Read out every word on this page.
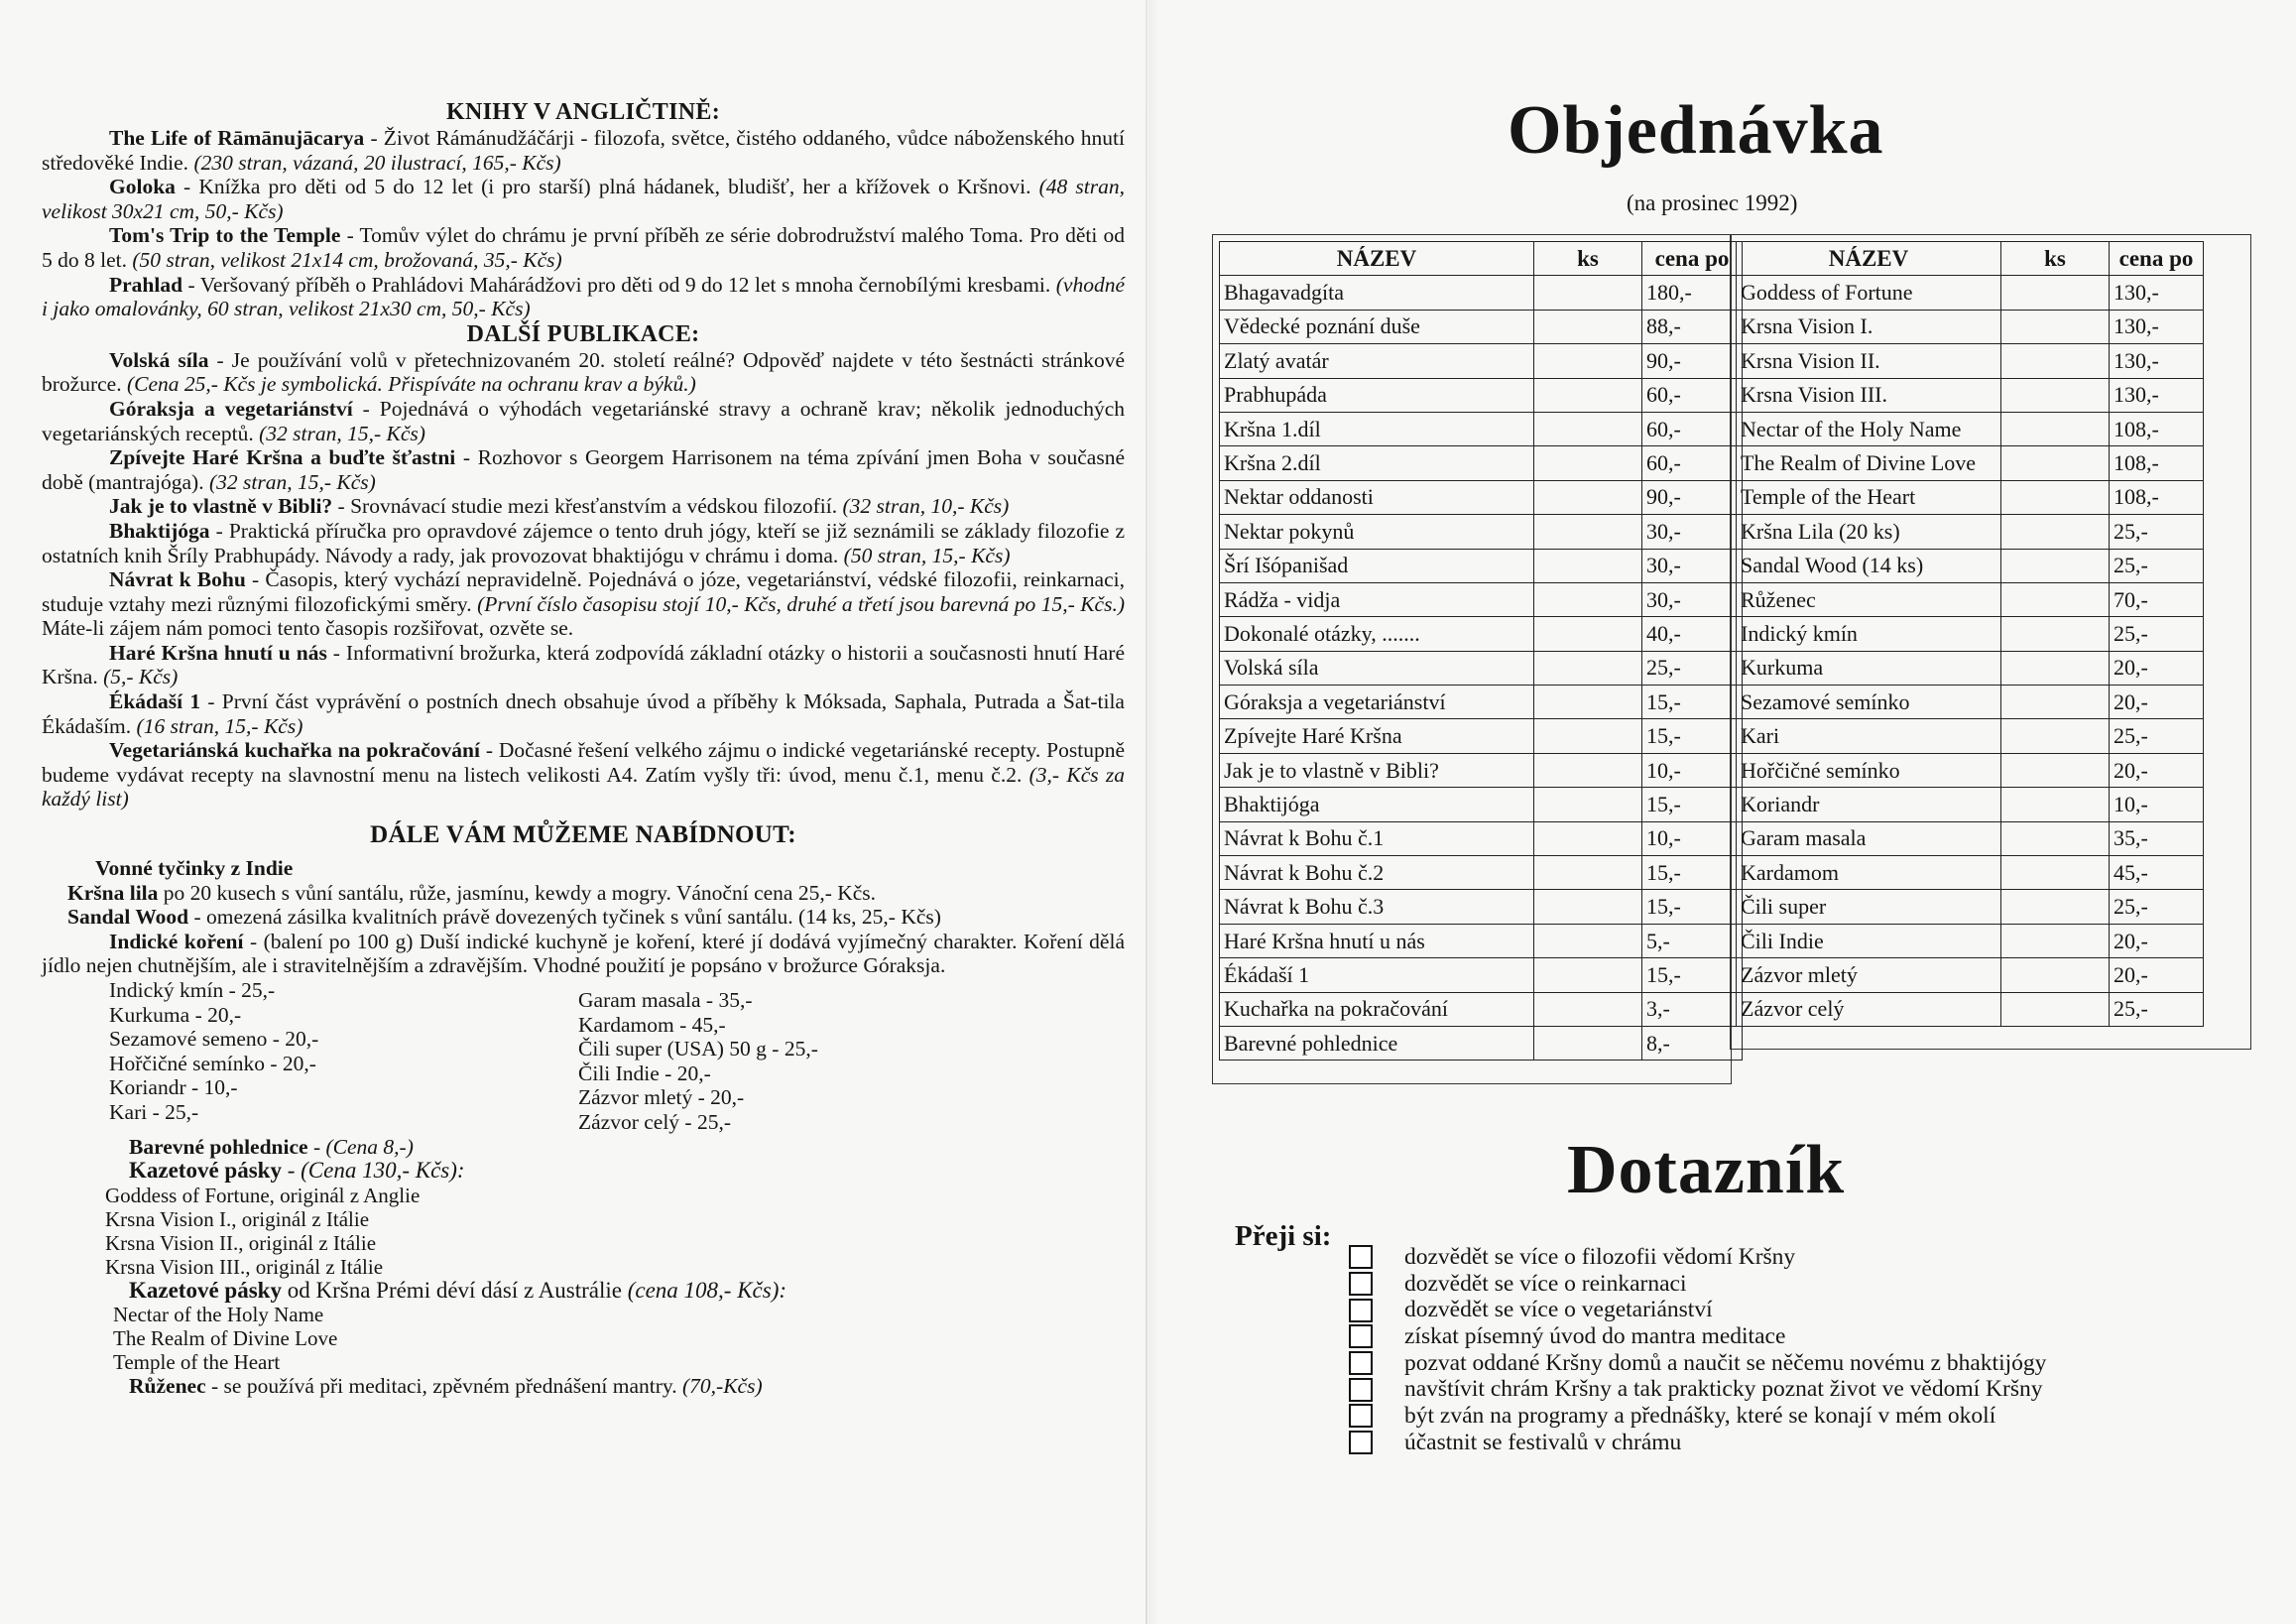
KNIHY V ANGLIČTINĚ:
The Life of Rāmānujācarya - Život Rámánudžáčárji - filozofa, světce, čistého oddaného, vůdce náboženského hnutí středověké Indie. (230 stran, vázaná, 20 ilustrací, 165,- Kčs)
Goloka - Knížka pro děti od 5 do 12 let (i pro starší) plná hádanek, bludišť, her a křížovek o Kršnovi. (48 stran, velikost 30x21 cm, 50,- Kčs)
Tom's Trip to the Temple - Tomův výlet do chrámu je první příběh ze série dobrodružství malého Toma. Pro děti od 5 do 8 let. (50 stran, velikost 21x14 cm, brožovaná, 35,- Kčs)
Prahlad - Veršovaný příběh o Prahládovi Mahárádžovi pro děti od 9 do 12 let s mnoha černobílými kresbami. (vhodné i jako omalovánky, 60 stran, velikost 21x30 cm, 50,- Kčs)
DALŠÍ PUBLIKACE:
Volská síla - Je používání volů v přetechnizovaném 20. století reálné? Odpověď najdete v této šestnácti stránkové brožurce. (Cena 25,- Kčs je symbolická. Přispíváte na ochranu krav a býků.)
Góraksja a vegetariánství - Pojednává o výhodách vegetariánské stravy a ochraně krav; několik jednoduchých vegetariánských receptů. (32 stran, 15,- Kčs)
Zpívejte Haré Kršna a buďte šťastni - Rozhovor s Georgem Harrisonem na téma zpívání jmen Boha v současné době (mantrajóga). (32 stran, 15,- Kčs)
Jak je to vlastně v Bibli? - Srovnávací studie mezi křesťanstvím a védskou filozofií. (32 stran, 10,- Kčs)
Bhaktijóga - Praktická příručka pro opravdové zájemce o tento druh jógy, kteří se již seznámili se základy filozofie z ostatních knih Šríly Prabhupády. Návody a rady, jak provozovat bhaktijógu v chrámu i doma. (50 stran, 15,- Kčs)
Návrat k Bohu - Časopis, který vychází nepravidelně. Pojednává o józe, vegetariánství, védské filozofii, reinkarnaci, studuje vztahy mezi různými filozofickými směry. (První číslo časopisu stojí 10,- Kčs, druhé a třetí jsou barevná po 15,- Kčs.) Máte-li zájem nám pomoci tento časopis rozšiřovat, ozvěte se.
Haré Kršna hnutí u nás - Informativní brožurka, která zodpovídá základní otázky o historii a současnosti hnutí Haré Kršna. (5,- Kčs)
Ékádaší 1 - První část vyprávění o postních dnech obsahuje úvod a příběhy k Móksada, Saphala, Putrada a Šat-tila Ékádaším. (16 stran, 15,- Kčs)
Vegetariánská kuchařka na pokračování - Dočasné řešení velkého zájmu o indické vegetariánské recepty. Postupně budeme vydávat recepty na slavnostní menu na listech velikosti A4. Zatím vyšly tři: úvod, menu č.1, menu č.2. (3,- Kčs za každý list)
DÁLE VÁM MŮŽEME NABÍDNOUT:
Vonné tyčinky z Indie
Kršna lila po 20 kusech s vůní santálu, růže, jasmínu, kewdy a mogry. Vánoční cena 25,- Kčs.
Sandal Wood - omezená zásilka kvalitních právě dovezených tyčinek s vůní santálu. (14 ks, 25,- Kčs)
Indické koření - (balení po 100 g) Duší indické kuchyně je koření, které jí dodává vyjímečný charakter. Koření dělá jídlo nejen chutnějším, ale i stravitelnějším a zdravějším. Vhodné použití je popsáno v brožurce Góraksja.
Indický kmín - 25,-
Kurkuma - 20,-
Sezamové semeno - 20,-
Hořčičné semínko - 20,-
Koriandr - 10,-
Kari - 25,-
Garam masala - 35,-
Kardamom - 45,-
Čili super (USA) 50 g - 25,-
Čili Indie - 20,-
Zázvor mletý - 20,-
Zázvor celý - 25,-
Barevné pohlednice - (Cena 8,-)
Kazetové pásky - (Cena 130,- Kčs):
Goddess of Fortune, originál z Anglie
Krsna Vision I., originál z Itálie
Krsna Vision II., originál z Itálie
Krsna Vision III., originál z Itálie
Kazetové pásky od Kršna Prémi déví dásí z Austrálie (cena 108,- Kčs):
Nectar of the Holy Name
The Realm of Divine Love
Temple of the Heart
Růženec - se používá při meditaci, zpěvném přednášení mantry. (70,-Kčs)
Objednávka
(na prosinec 1992)
NÁZEV	ks	cena po
Bhagavadgíta		180,-
Vědecké poznání duše		88,-
Zlatý avatár		90,-
Prabhupáda		60,-
Kršna 1.díl		60,-
Kršna 2.díl		60,-
Nektar oddanosti		90,-
Nektar pokynů		30,-
Šrí Išópanišad		30,-
Rádža - vidja		30,-
Dokonalé otázky, .......		40,-
Volská síla		25,-
Góraksja a vegetariánství		15,-
Zpívejte Haré Kršna		15,-
Jak je to vlastně v Bibli?		10,-
Bhaktijóga		15,-
Návrat k Bohu č.1		10,-
Návrat k Bohu č.2		15,-
Návrat k Bohu č.3		15,-
Haré Kršna hnutí u nás		5,-
Ékádaší 1		15,-
Kuchařka na pokračování		3,-
Barevné pohlednice		8,-
NÁZEV	ks	cena po
Goddess of Fortune		130,-
Krsna Vision I.		130,-
Krsna Vision II.		130,-
Krsna Vision III.		130,-
Nectar of the Holy Name		108,-
The Realm of Divine Love		108,-
Temple of the Heart		108,-
Kršna Lila (20 ks)		25,-
Sandal Wood (14 ks)		25,-
Růženec		70,-
Indický kmín		25,-
Kurkuma		20,-
Sezamové semínko		20,-
Kari		25,-
Hořčičné semínko		20,-
Koriandr		10,-
Garam masala		35,-
Kardamom		45,-
Čili super		25,-
Čili Indie		20,-
Zázvor mletý		20,-
Zázvor celý		25,-
Dotazník
Přeji si:
dozvědět se více o filozofii vědomí Kršny
dozvědět se více o reinkarnaci
dozvědět se více o vegetariánství
získat písemný úvod do mantra meditace
pozvat oddané Kršny domů a naučit se něčemu novému z bhaktijógy
navštívit chrám Kršny a tak prakticky poznat život ve vědomí Kršny
být zván na programy a přednášky, které se konají v mém okolí
účastnit se festivalů v chrámu
